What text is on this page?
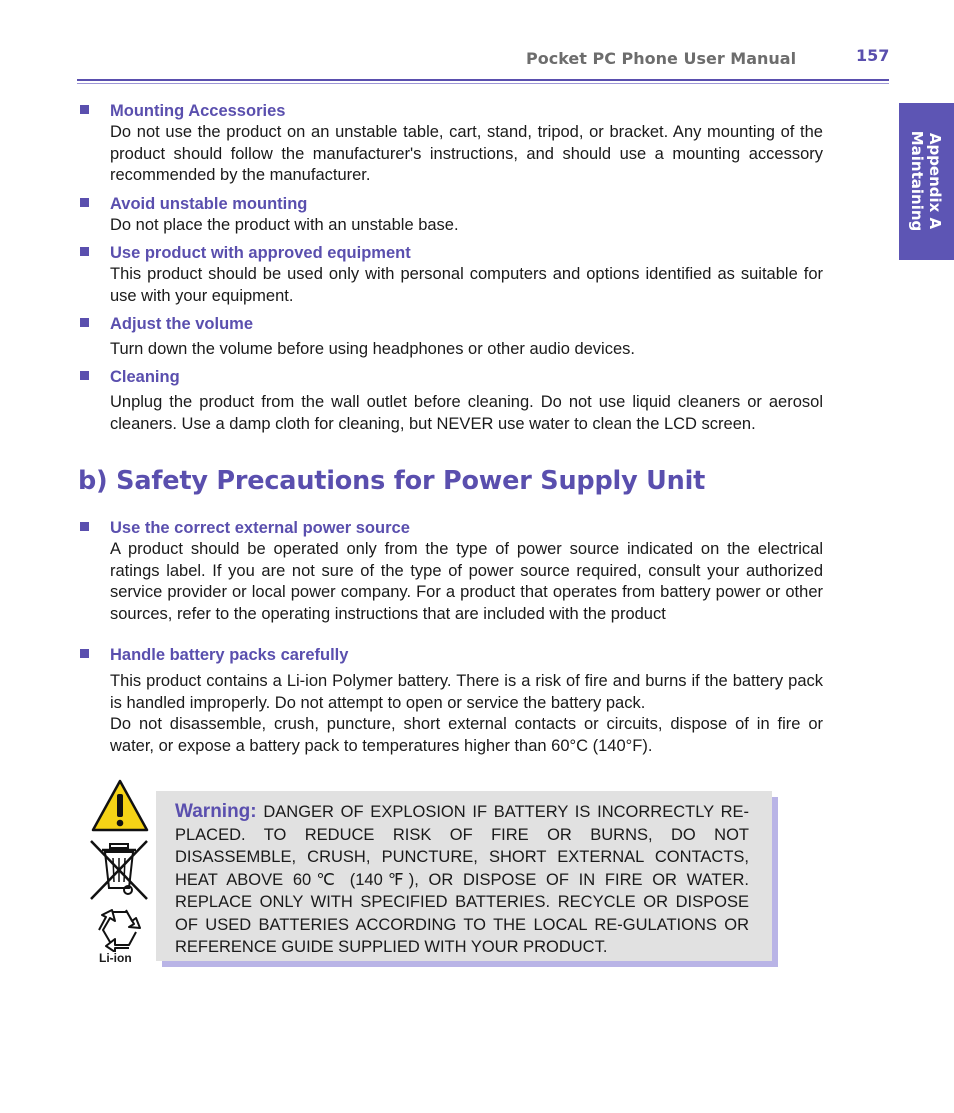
Pocket PC Phone User Manual	157
Appendix A
Maintaining
Mounting Accessories

Do not use the product on an unstable table, cart, stand, tripod, or bracket. Any mounting of the product should follow the manufacturer's instructions, and should use a mounting accessory recommended by the manufacturer.

Avoid unstable mounting

Do not place the product with an unstable base.

Use product with approved equipment

This product should be used only with personal computers and options identified as suitable for use with your equipment.

Adjust the volume

Turn down the volume before using headphones or other audio devices.

Cleaning

Unplug the product from the wall outlet before cleaning. Do not use liquid cleaners or aerosol cleaners. Use a damp cloth for cleaning, but NEVER use water to clean the LCD screen.

b) Safety Precautions for Power Supply Unit
Use the correct external power source

A product should be operated only from the type of power source indicated on the electrical ratings label. If you are not sure of the type of power source required, consult your authorized service provider or local power company. For a product that operates from battery power or other sources, refer to the operating instructions that are included with the product

Handle battery packs carefully

This product contains a Li-ion Polymer battery. There is a risk of fire and burns if the battery pack is handled improperly. Do not attempt to open or service the battery pack.

Do not disassemble, crush, puncture, short external contacts or circuits, dispose of in fire or water, or expose a battery pack to temperatures higher than 60°C (140°F).

Li-ion
Warning: DANGER OF EXPLOSION IF BATTERY IS INCORRECTLY RE-PLACED. TO REDUCE RISK OF FIRE OR BURNS, DO NOT DISASSEMBLE, CRUSH, PUNCTURE, SHORT EXTERNAL CONTACTS, HEAT ABOVE 60℃ (140℉), OR DISPOSE OF IN FIRE OR WATER. REPLACE ONLY WITH SPECIFIED BATTERIES. RECYCLE OR DISPOSE OF USED BATTERIES ACCORDING TO THE LOCAL RE-GULATIONS OR REFERENCE GUIDE SUPPLIED WITH YOUR PRODUCT.
